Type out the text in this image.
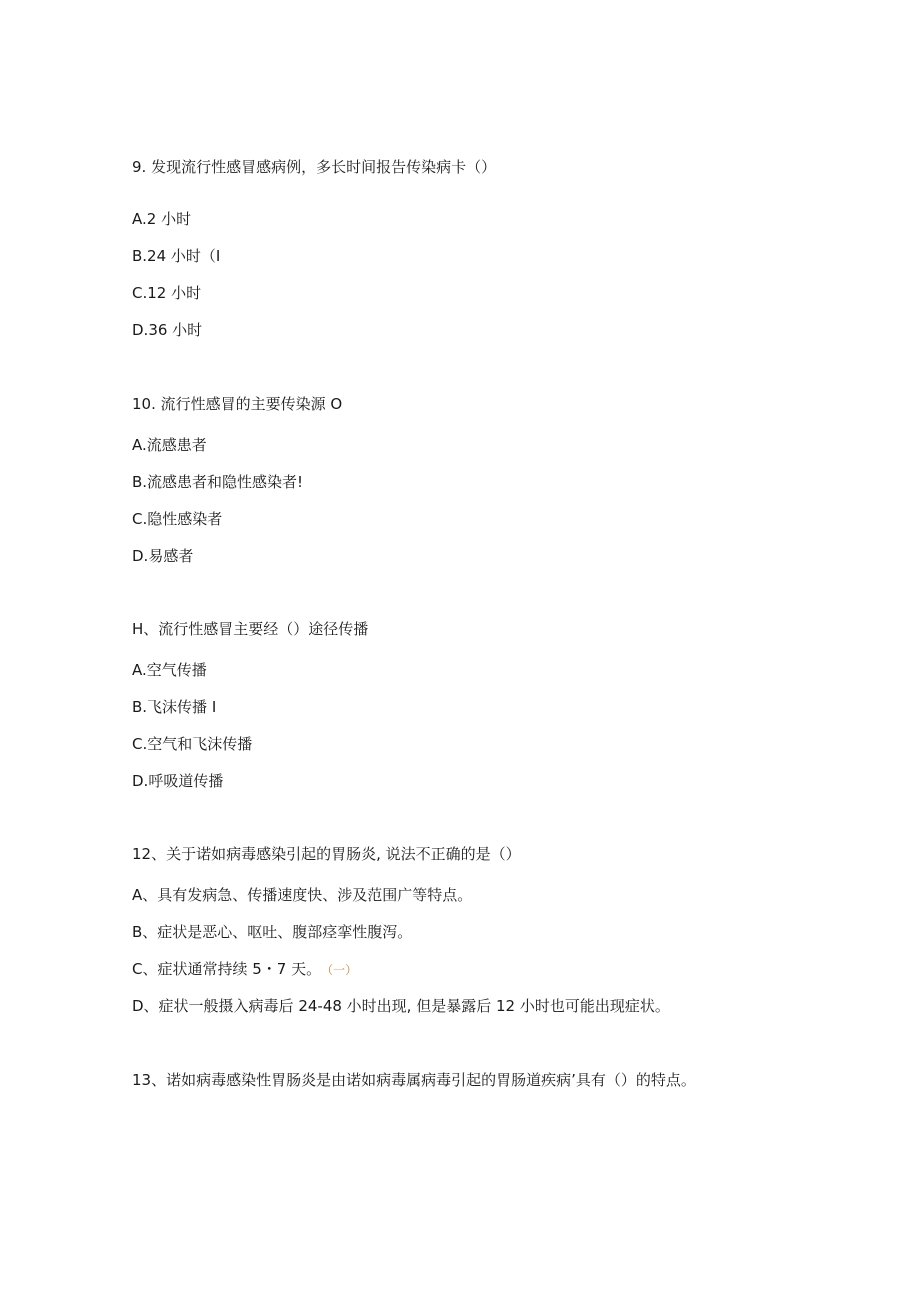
9. 发现流行性感冒感病例，多长时间报告传染病卡（）
A.2 小时
B.24 小时（I
C.12 小时
D.36 小时
10. 流行性感冒的主要传染源 O
A.流感患者
B.流感患者和隐性感染者!
C.隐性感染者
D.易感者
H、流行性感冒主要经（）途径传播
A.空气传播
B.飞沫传播 I
C.空气和飞沫传播
D.呼吸道传播
12、关于诺如病毒感染引起的胃肠炎, 说法不正确的是（）
A、具有发病急、传播速度快、涉及范围广等特点。
B、症状是恶心、呕吐、腹部痉挛性腹泻。
C、症状通常持续 5・7 天。 （一）
D、症状一般摄入病毒后 24-48 小时出现, 但是暴露后 12 小时也可能出现症状。
13、诺如病毒感染性胃肠炎是由诺如病毒属病毒引起的胃肠道疾病’具有（）的特点。
